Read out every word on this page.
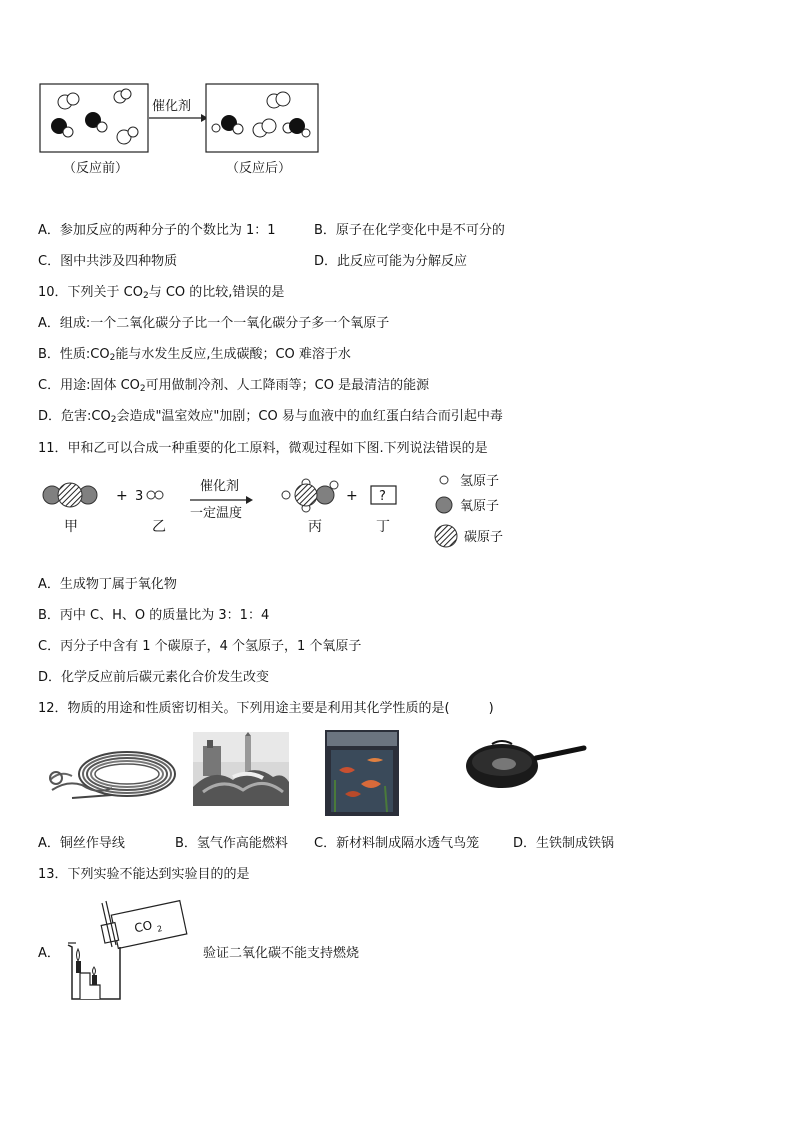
催化剂
（反应前）	（反应后）
A．参加反应的两种分子的个数比为 1：1	B．原子在化学变化中是不可分的
C．图中共涉及四种物质	D．此反应可能为分解反应
10．下列关于 $CO_2$与 CO 的比较,错误的是
A．组成:一个二氧化碳分子比一个一氧化碳分子多一个氧原子
B．性质$:CO_2$能与水发生反应,生成碳酸；CO 难溶于水
C．用途:固体 $CO_2$可用做制冷剂、人工降雨等；CO 是最清洁的能源
D．危害$:CO_2$会造成"温室效应"加剧；CO 易与血液中的血红蛋白结合而引起中毒
11．甲和乙可以合成一种重要的化工原料，微观过程如下图.下列说法错误的是
甲
+ 3
乙
催化剂
一定温度
丙
+ ?
丁
氢原子
氧原子
碳原子
A．生成物丁属于氧化物
B．丙中 C、H、O 的质量比为 3：1：4
C．丙分子中含有 1 个碳原子，4 个氢原子，1 个氧原子
D．化学反应前后碳元素化合价发生改变
12．物质的用途和性质密切相关。下列用途主要是利用其化学性质的是(　　　)
A．铜丝作导线	B．氢气作高能燃料 C．新材料制成隔水透气鸟笼	D．生铁制成铁锅
13．下列实验不能达到实验目的的是
A．
CO 2
验证二氧化碳不能支持燃烧
